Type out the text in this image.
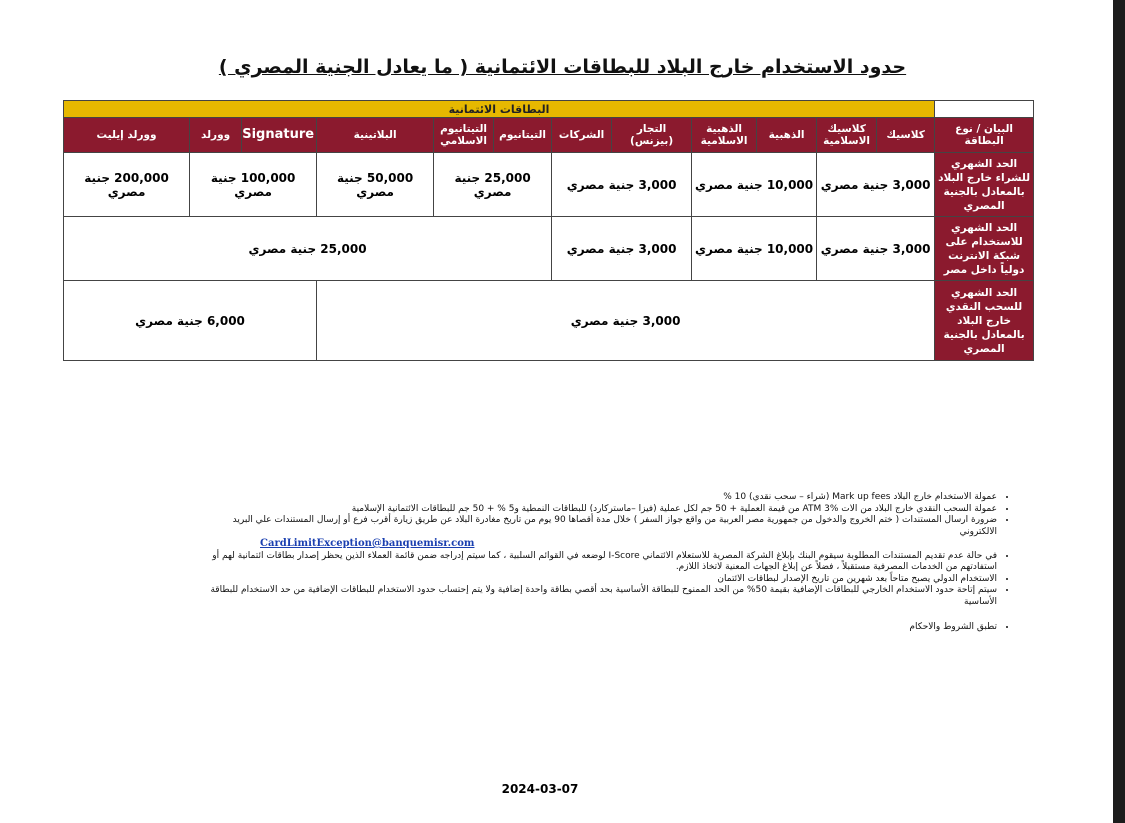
حدود الاستخدام خارج البلاد للبطاقات الائتمانية ( ما يعادل الجنية المصري )
	البطاقات الائتمانية											
البيان / نوع البطاقة	كلاسيك	كلاسيك الاسلامية	الذهبية	الذهبية الاسلامية	التجار (بيزنس)	الشركات	التيتانيوم	التيتانيوم الاسلامي	البلاتينية	Signature	وورلد	وورلد إيليت
الحد الشهري للشراء خارج البلاد بالمعادل بالجنية المصري	3,000 جنية مصري		10,000 جنية مصري		3,000 جنية مصري		25,000 جنية مصري		50,000 جنية مصري	100,000 جنية مصري		200,000 جنية مصري
الحد الشهري للاستخدام على شبكة الانترنت دولياً داخل مصر	3,000 جنية مصري		10,000 جنية مصري		3,000 جنية مصري		25,000 جنية مصري					
الحد الشهري للسحب النقدي خارج البلاد بالمعادل بالجنية المصري	3,000 جنية مصري									6,000 جنية مصري		
• عمولة الاستخدام خارج البلاد Mark up fees (شراء – سحب نقدي) 10 %
• عمولة السحب النقدي خارج البلاد من الات ATM 3% من قيمة العملية + 50 جم لكل عملية (فيزا –ماستركارد) للبطاقات النمطية و5 % + 50 جم للبطاقات الائتمانية الإسلامية
• ضرورة ارسال المستندات ( ختم الخروج والدخول من جمهورية مصر العربية من واقع جواز السفر ) خلال مدة أقصاها 90 يوم من تاريخ مغادرة البلاد عن طريق زيارة أقرب فرع أو إرسال المستندات علي البريد الالكتروني
CardLimitException@banquemisr.com
• في حالة عدم تقديم المستندات المطلوبة سيقوم البنك بإبلاغ الشركة المصرية للاستعلام الائتماني I-Score لوضعه في القوائم السلبية ، كما سيتم إدراجه ضمن قائمة العملاء الذين يحظر إصدار بطاقات ائتمانية لهم أو استفادتهم من الخدمات المصرفية مستقبلاً ، فضلاً عن إبلاغ الجهات المعنية لاتخاذ اللازم.
• الاستخدام الدولي يصبح متاحاً بعد شهرين من تاريخ الإصدار لبطاقات الائتمان
• سيتم إتاحة حدود الاستخدام الخارجي للبطاقات الإضافية بقيمة 50% من الحد الممنوح للبطاقة الأساسية بحد أقصي بطاقة واحدة إضافية ولا يتم إحتساب حدود الاستخدام للبطاقات الإضافية من حد الاستخدام للبطاقة الأساسية
• تطبق الشروط والاحكام
2024-03-07
